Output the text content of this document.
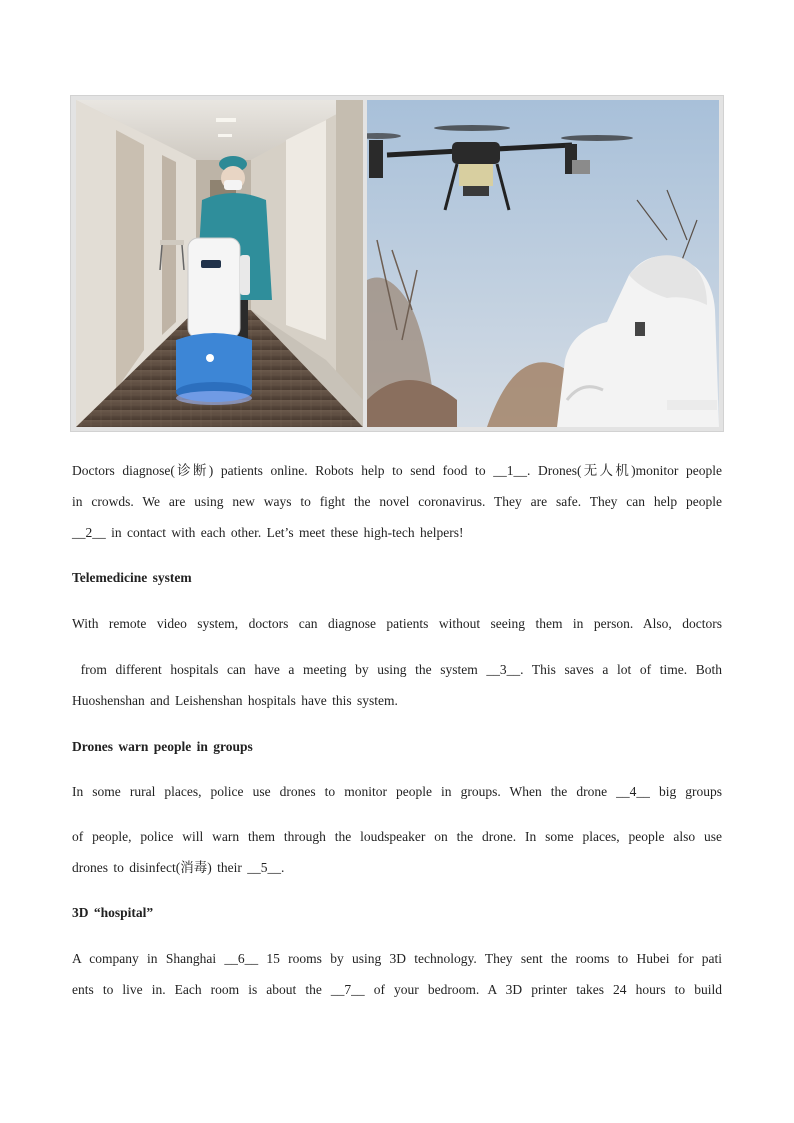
Doctors diagnose(诊断) patients online. Robots help to send food to __1__. Drones(无人机)monitor people
in crowds. We are using new ways to fight the novel coronavirus. They are safe. They can help people
__2__ in contact with each other. Let’s meet these high-tech helpers!
Telemedicine system
With remote video system, doctors can diagnose patients without seeing them in person. Also, doctors
from different hospitals can have a meeting by using the system __3__. This saves a lot of time. Both
Huoshenshan and Leishenshan hospitals have this system.
Drones warn people in groups
In some rural places, police use drones to monitor people in groups. When the drone __4__ big groups
of people, police will warn them through the loudspeaker on the drone. In some places, people also use
drones to disinfect(消毒) their __5__.
3D “hospital”
A company in Shanghai __6__ 15 rooms by using 3D technology. They sent the rooms to Hubei for pati
ents to live in. Each room is about the __7__ of your bedroom. A 3D printer takes 24 hours to build
